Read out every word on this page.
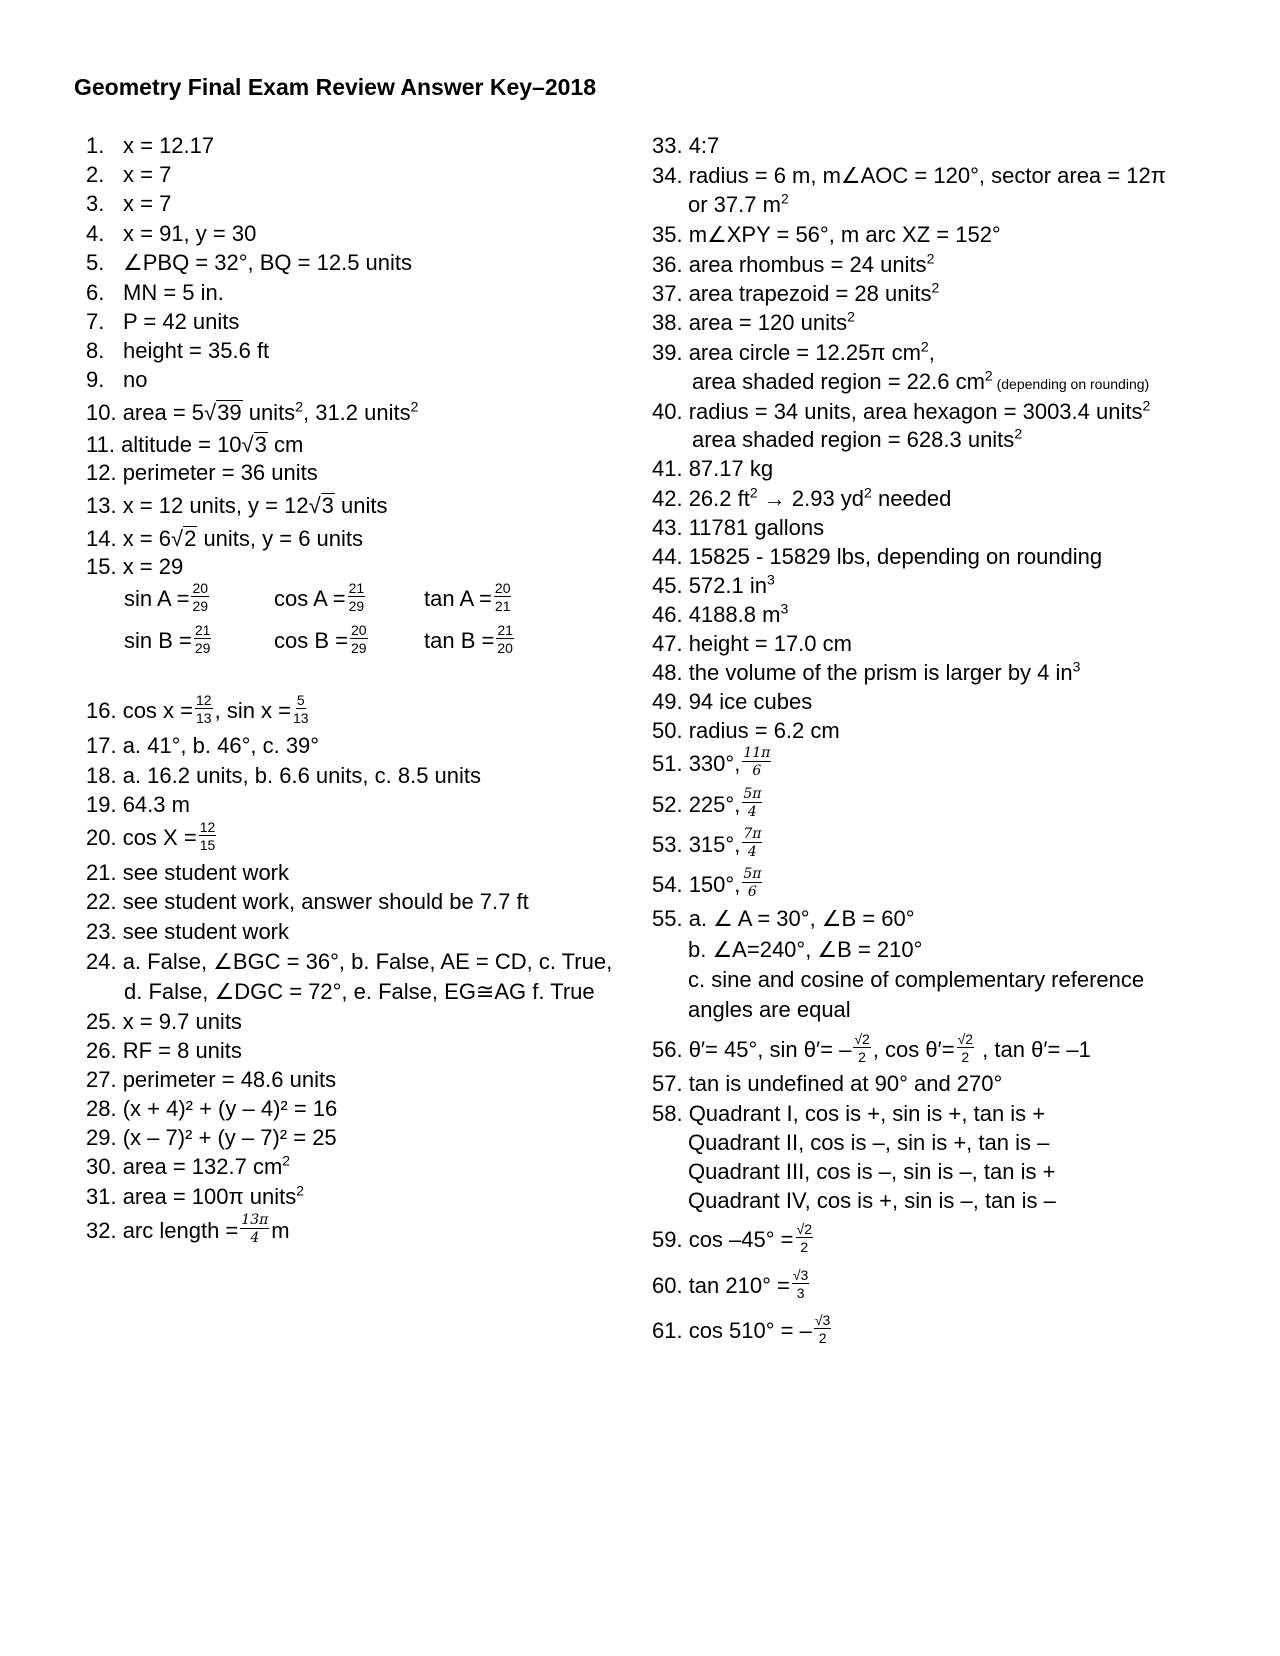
Geometry Final Exam Review Answer Key–2018
1. x = 12.17
2. x = 7
3. x = 7
4. x = 91, y = 30
5. ∠PBQ = 32°, BQ = 12.5 units
6. MN = 5 in.
7. P = 42 units
8. height = 35.6 ft
9. no
10. area = 5√39 units$^2$, 31.2 units$^2$
11. altitude = 10√3 cm
12. perimeter = 36 units
13. x = 12 units, y = 12√3 units
14. x = 6√2 units, y = 6 units
15. x = 29
$\sin A = \frac{20}{29}$	$\cos A = \frac{21}{29}$	$\tan A = \frac{20}{21}$
$\sin B = \frac{21}{29}$	$\cos B = \frac{20}{29}$	$\tan B = \frac{21}{20}$
16. $\cos x = \frac{12}{13}$ , $\sin x = \frac{5}{13}$
17. a. 41°, b. 46°, c. 39°
18. a. 16.2 units, b. 6.6 units, c. 8.5 units
19. 64.3 m
20. $\cos X = \frac{12}{15}$
21. see student work
22. see student work, answer should be 7.7 ft
23. see student work
24. a. False, ∠BGC = 36°, b. False, AE = CD, c. True,
d. False, ∠DGC = 72°, e. False, EG≅AG f. True
25. x = 9.7 units
26. RF = 8 units
27. perimeter = 48.6 units
28. (x + 4)² + (y – 4)² = 16
29. (x – 7)² + (y – 7)² = 25
30. area = 132.7 $cm^2$
31. area = 100π units$^2$
32. arc length = $\frac{13\pi}{4}$ m
33. 4:7
34. radius = 6 m, m∠AOC = 120°, sector area = 12π
or 37.7 $m^2$
35. m∠XPY = 56°, m arc XZ = 152°
36. area rhombus = 24 units$^2$
37. area trapezoid = 28 units$^2$
38. area = 120 units$^2$
39. area circle = 12.25π $cm^2$,
area shaded region = 22.6 $cm^2$ (depending on rounding)
40. radius = 34 units, area hexagon = 3003.4 units$^2$
area shaded region = 628.3 units$^2$
41. 87.17 kg
42. 26.2 $ft^2 \to 2.93$ $yd^2$ needed
43. 11781 gallons
44. 15825 - 15829 lbs, depending on rounding
45. 572.1 $in^3$
46. 4188.8 $m^3$
47. height = 17.0 cm
48. the volume of the prism is larger by 4 $in^3$
49. 94 ice cubes
50. radius = 6.2 cm
51. 330°, $\frac{11\pi}{6}$
52. 225°, $\frac{5\pi}{4}$
53. 315°, $\frac{7\pi}{4}$
54. 150°, $\frac{5\pi}{6}$
55. a. ∠ A = 30°, ∠B = 60°
b. ∠A=240°, ∠B = 210°
c. sine and cosine of complementary reference
angles are equal
56. θ′= 45°, $\sin \theta'= - \frac{√2}{2}$ , $\cos \theta'= \frac{√2}{2}$ , tan θ′= –1
57. tan is undefined at 90° and 270°
58. Quadrant I, cos is +, sin is +, tan is +
Quadrant II, cos is –, sin is +, tan is –
Quadrant III, cos is –, sin is –, tan is +
Quadrant IV, cos is +, sin is –, tan is –
59. $\cos -45^\circ = \frac{√2}{2}$
60. $\tan 210^\circ = \frac{√3}{3}$
61. cos 510° = – $\frac{√3}{2}$
